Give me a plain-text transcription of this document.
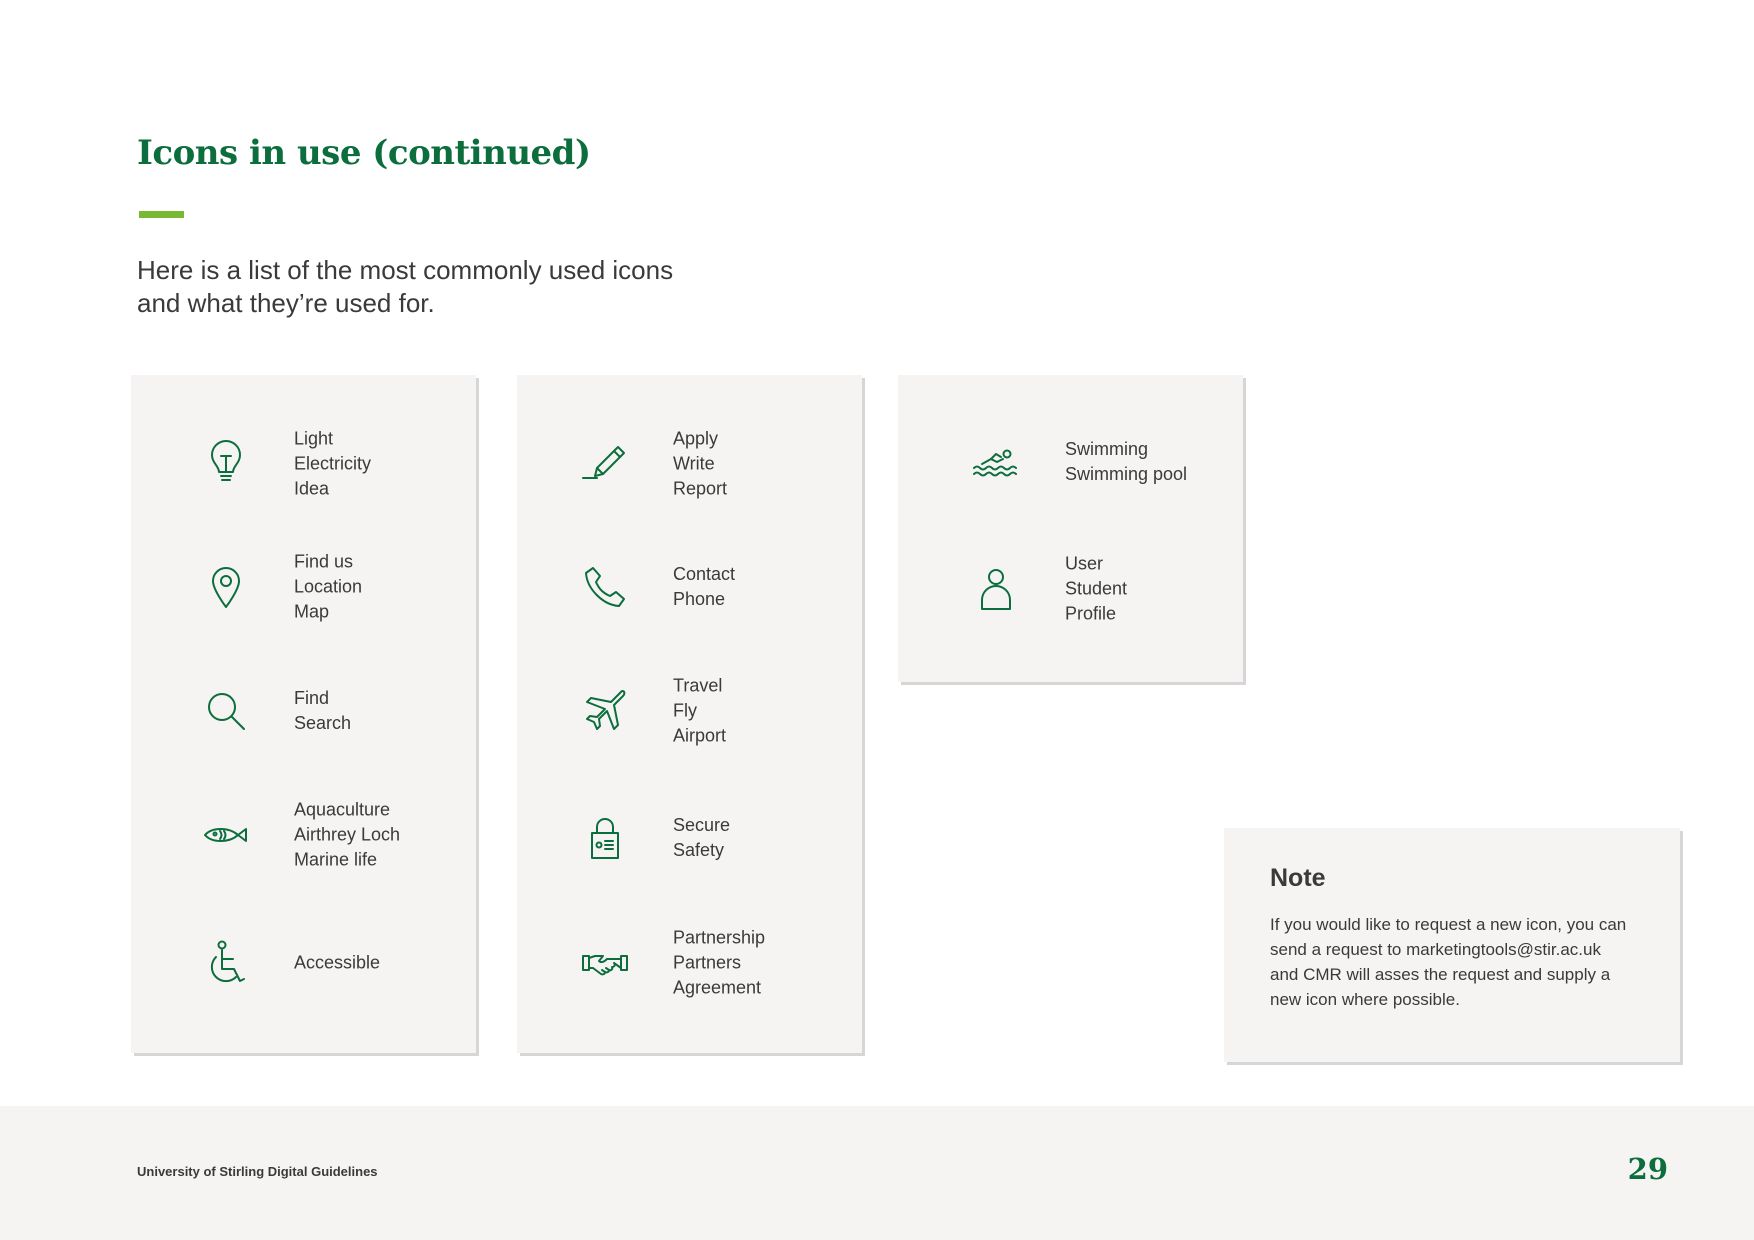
Icons in use (continued)

Here is a list of the most commonly used icons and what they’re used for.

Light
Electricity
Idea
Find us
Location
Map
Find
Search
Aquaculture
Airthrey Loch
Marine life
Accessible
Apply
Write
Report
Contact
Phone
Travel
Fly
Airport
Secure
Safety
Partnership
Partners
Agreement
Swimming
Swimming pool
User
Student
Profile
Note

If you would like to request a new icon, you can send a request to marketingtools@stir.ac.uk and CMR will asses the request and supply a new icon where possible.

University of Stirling Digital Guidelines	29
